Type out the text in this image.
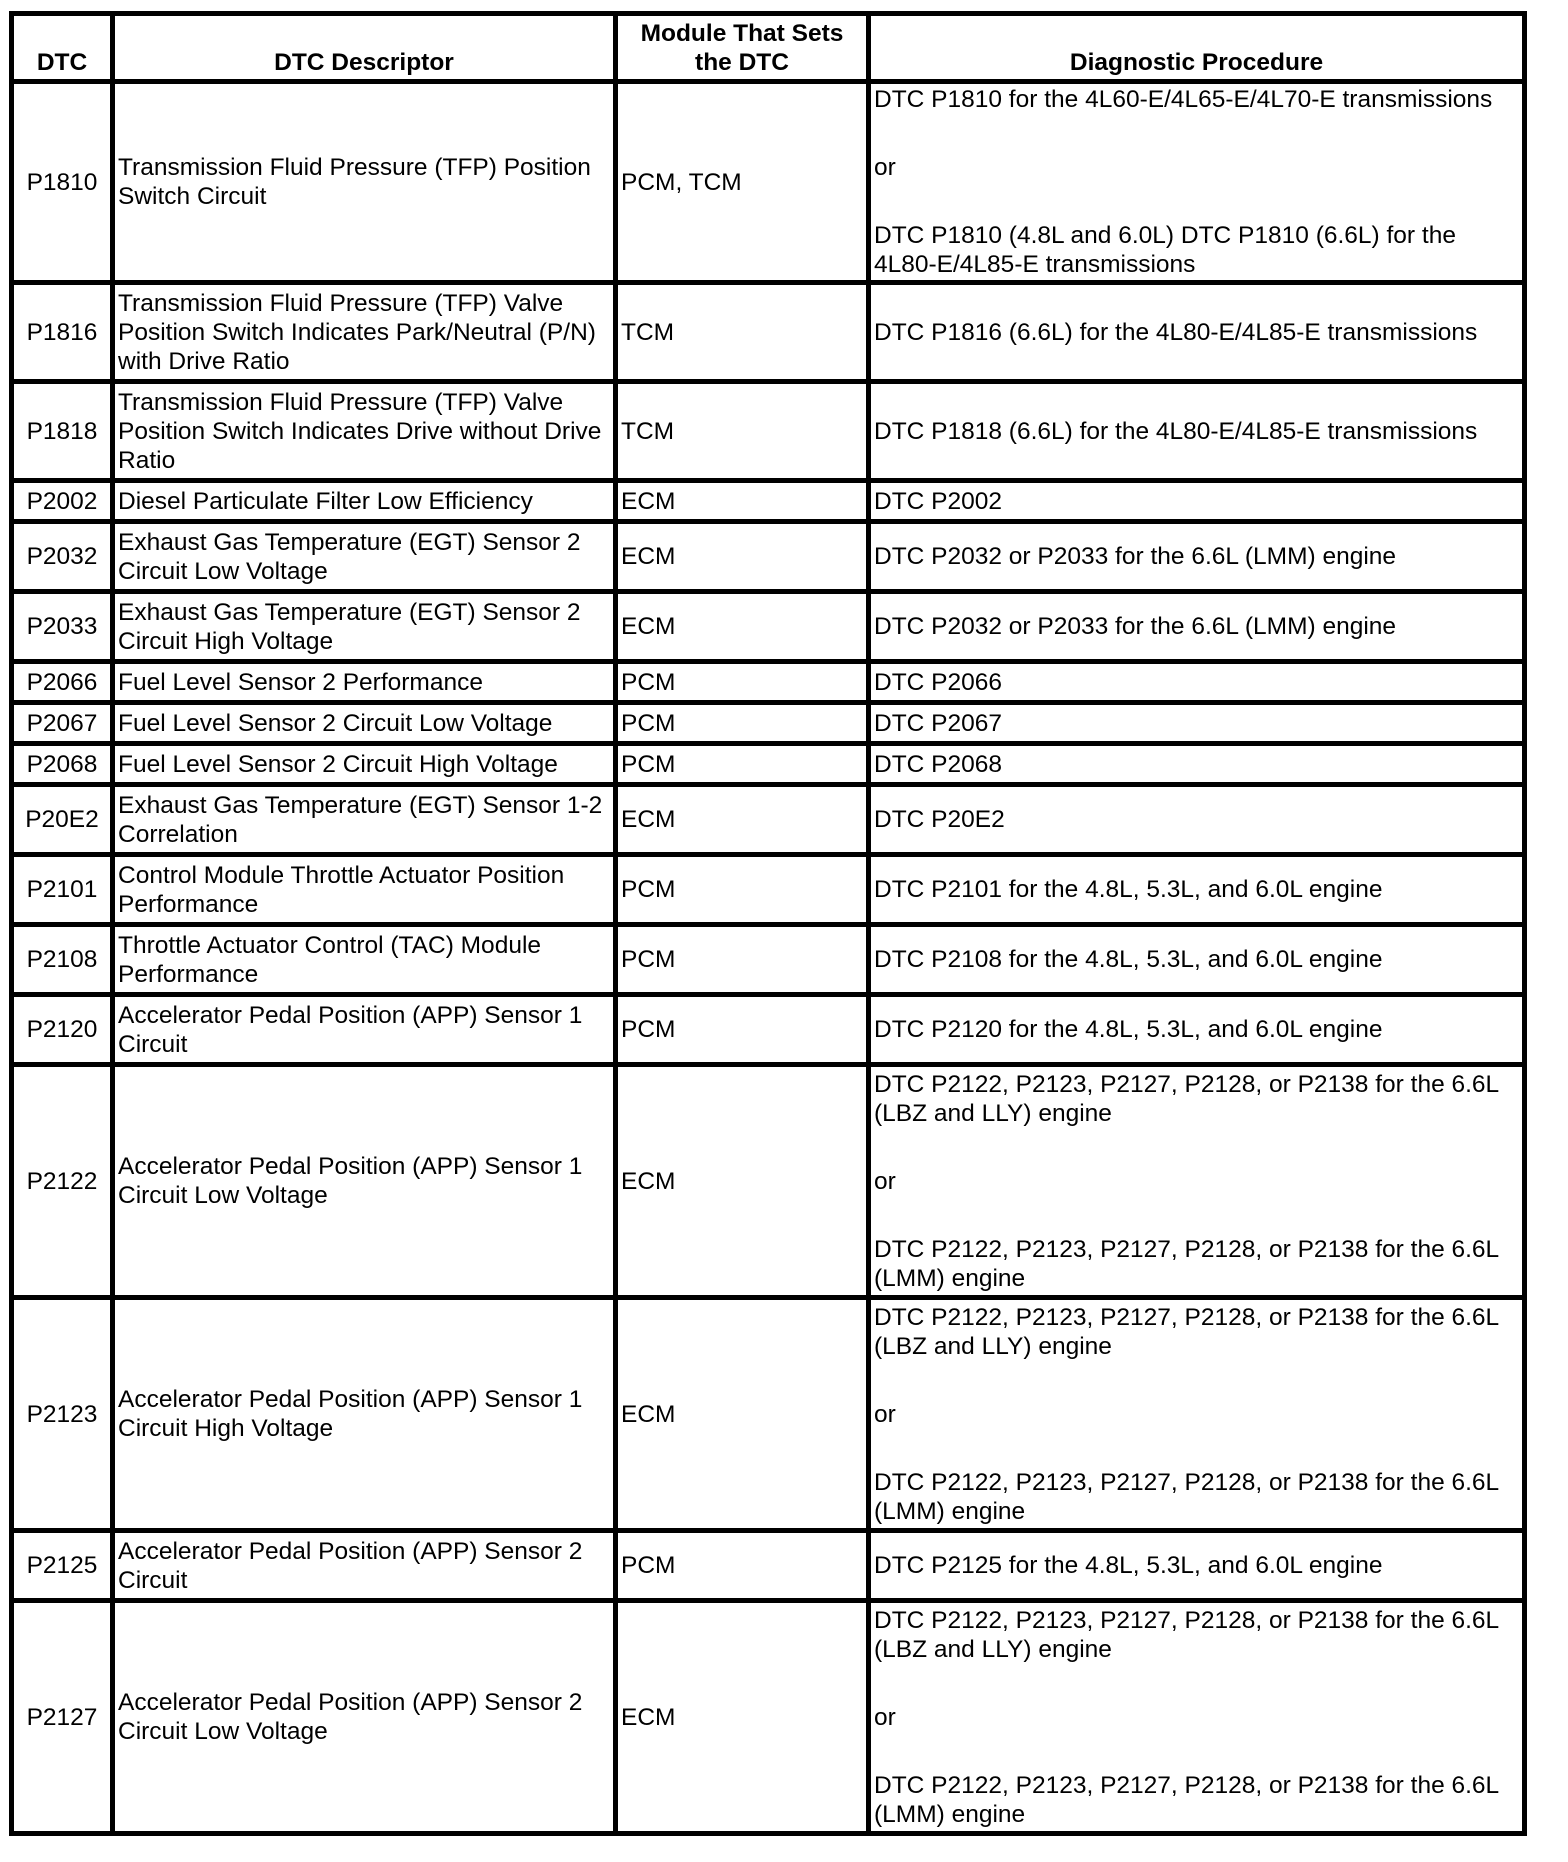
DTC	DTC Descriptor	Module That Sets the DTC	Diagnostic Procedure
P1810	Transmission Fluid Pressure (TFP) Position Switch Circuit	PCM, TCM	DTC P1810 for the 4L60-E/4L65-E/4L70-E transmissions
or
DTC P1810 (4.8L and 6.0L) DTC P1810 (6.6L) for the 4L80-E/4L85-E transmissions

P1816	Transmission Fluid Pressure (TFP) Valve Position Switch Indicates Park/Neutral (P/N) with Drive Ratio	TCM	DTC P1816 (6.6L) for the 4L80-E/4L85-E transmissions

P1818	Transmission Fluid Pressure (TFP) Valve Position Switch Indicates Drive without Drive Ratio	TCM	DTC P1818 (6.6L) for the 4L80-E/4L85-E transmissions

P2002	Diesel Particulate Filter Low Efficiency	ECM	DTC P2002

P2032	Exhaust Gas Temperature (EGT) Sensor 2 Circuit Low Voltage	ECM	DTC P2032 or P2033 for the 6.6L (LMM) engine

P2033	Exhaust Gas Temperature (EGT) Sensor 2 Circuit High Voltage	ECM	DTC P2032 or P2033 for the 6.6L (LMM) engine

P2066	Fuel Level Sensor 2 Performance	PCM	DTC P2066

P2067	Fuel Level Sensor 2 Circuit Low Voltage	PCM	DTC P2067

P2068	Fuel Level Sensor 2 Circuit High Voltage	PCM	DTC P2068

P20E2	Exhaust Gas Temperature (EGT) Sensor 1-2 Correlation	ECM	DTC P20E2

P2101	Control Module Throttle Actuator Position Performance	PCM	DTC P2101 for the 4.8L, 5.3L, and 6.0L engine

P2108	Throttle Actuator Control (TAC) Module Performance	PCM	DTC P2108 for the 4.8L, 5.3L, and 6.0L engine

P2120	Accelerator Pedal Position (APP) Sensor 1 Circuit	PCM	DTC P2120 for the 4.8L, 5.3L, and 6.0L engine

P2122	Accelerator Pedal Position (APP) Sensor 1 Circuit Low Voltage	ECM	DTC P2122, P2123, P2127, P2128, or P2138 for the 6.6L (LBZ and LLY) engine
or
DTC P2122, P2123, P2127, P2128, or P2138 for the 6.6L (LMM) engine

P2123	Accelerator Pedal Position (APP) Sensor 1 Circuit High Voltage	ECM	DTC P2122, P2123, P2127, P2128, or P2138 for the 6.6L (LBZ and LLY) engine
or
DTC P2122, P2123, P2127, P2128, or P2138 for the 6.6L (LMM) engine

P2125	Accelerator Pedal Position (APP) Sensor 2 Circuit	PCM	DTC P2125 for the 4.8L, 5.3L, and 6.0L engine

P2127	Accelerator Pedal Position (APP) Sensor 2 Circuit Low Voltage	ECM	DTC P2122, P2123, P2127, P2128, or P2138 for the 6.6L (LBZ and LLY) engine
or
DTC P2122, P2123, P2127, P2128, or P2138 for the 6.6L (LMM) engine
